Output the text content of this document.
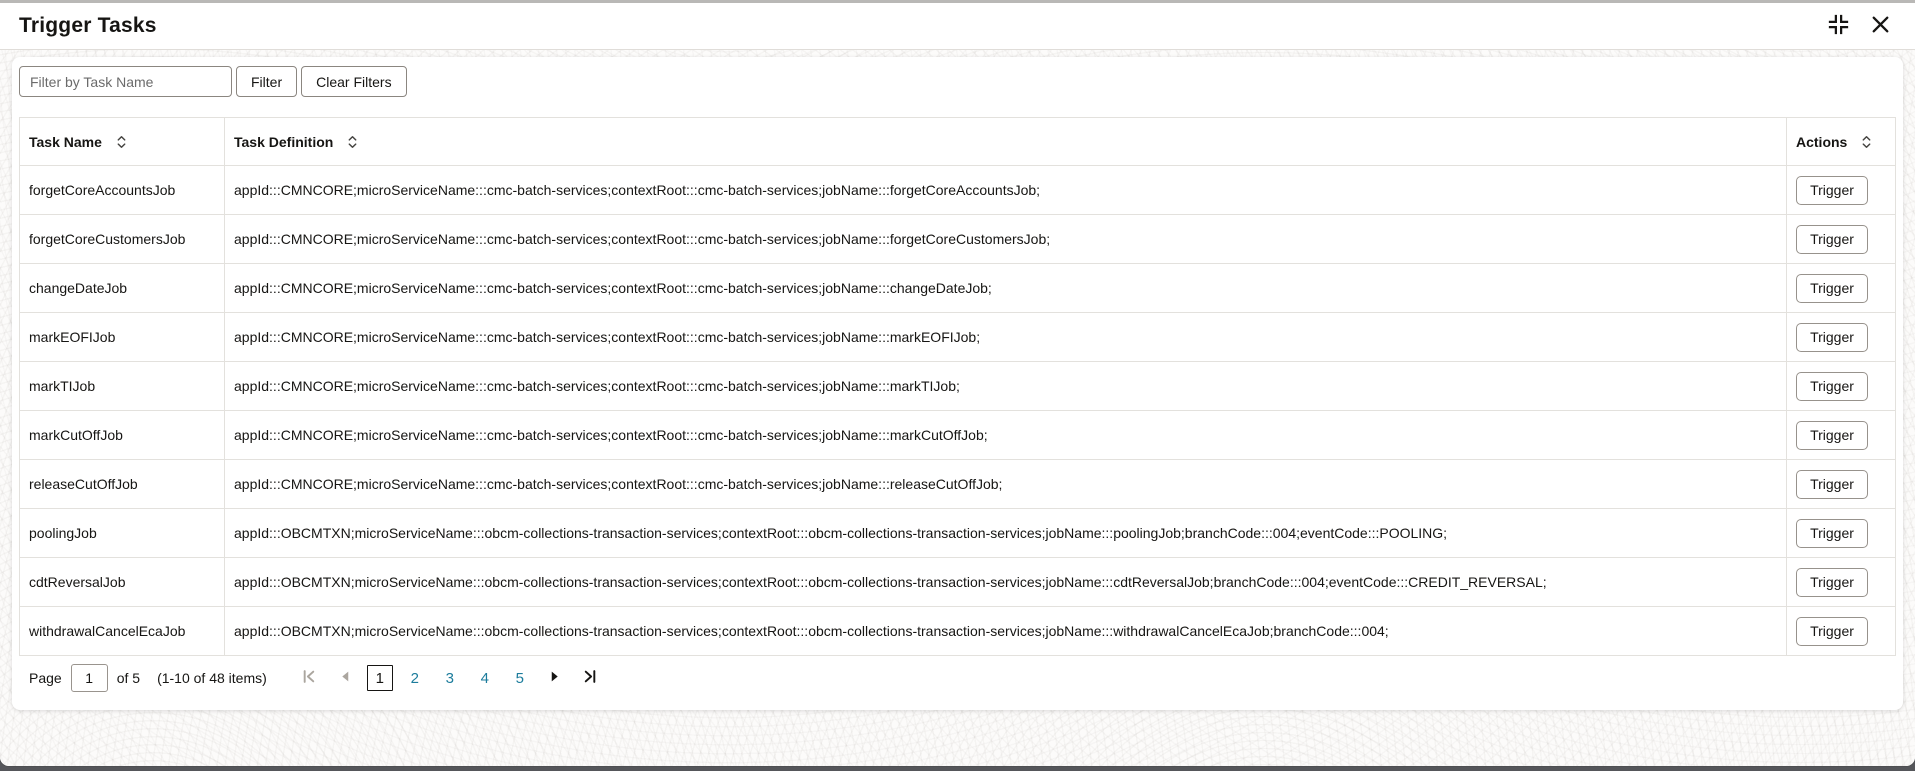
Trigger Tasks
Filter by Task Name
Filter	Clear Filters
Task Name	Task Definition	Actions

forgetCoreAccountsJob	appId:::CMNCORE;microServiceName:::cmc-batch-services;contextRoot:::cmc-batch-services;jobName:::forgetCoreAccountsJob;	Trigger
forgetCoreCustomersJob	appId:::CMNCORE;microServiceName:::cmc-batch-services;contextRoot:::cmc-batch-services;jobName:::forgetCoreCustomersJob;	Trigger
changeDateJob	appId:::CMNCORE;microServiceName:::cmc-batch-services;contextRoot:::cmc-batch-services;jobName:::changeDateJob;	Trigger
markEOFIJob	appId:::CMNCORE;microServiceName:::cmc-batch-services;contextRoot:::cmc-batch-services;jobName:::markEOFIJob;	Trigger
markTIJob	appId:::CMNCORE;microServiceName:::cmc-batch-services;contextRoot:::cmc-batch-services;jobName:::markTIJob;	Trigger
markCutOffJob	appId:::CMNCORE;microServiceName:::cmc-batch-services;contextRoot:::cmc-batch-services;jobName:::markCutOffJob;	Trigger
releaseCutOffJob	appId:::CMNCORE;microServiceName:::cmc-batch-services;contextRoot:::cmc-batch-services;jobName:::releaseCutOffJob;	Trigger
poolingJob	appId:::OBCMTXN;microServiceName:::obcm-collections-transaction-services;contextRoot:::obcm-collections-transaction-services;jobName:::poolingJob;branchCode:::004;eventCode:::POOLING;	Trigger
cdtReversalJob	appId:::OBCMTXN;microServiceName:::obcm-collections-transaction-services;contextRoot:::obcm-collections-transaction-services;jobName:::cdtReversalJob;branchCode:::004;eventCode:::CREDIT_REVERSAL;	Trigger
withdrawalCancelEcaJob	appId:::OBCMTXN;microServiceName:::obcm-collections-transaction-services;contextRoot:::obcm-collections-transaction-services;jobName:::withdrawalCancelEcaJob;branchCode:::004;	Trigger
Page
1	of 5 (1-10 of 48 items)	1	2	3	4	5
